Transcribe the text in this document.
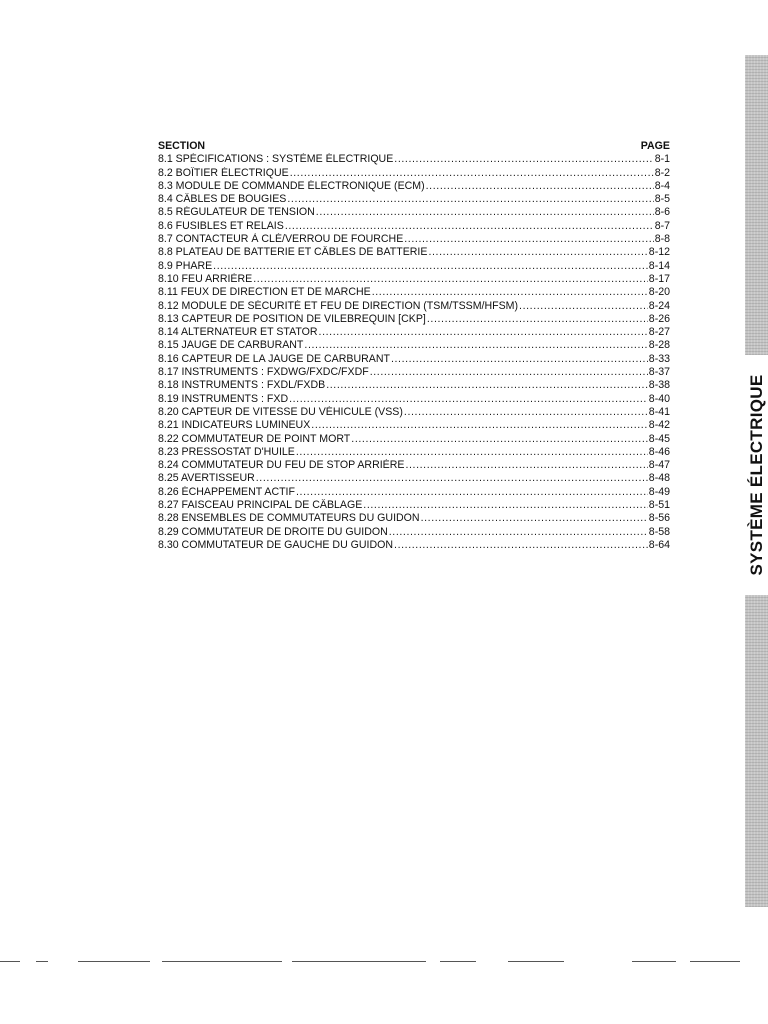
SECTION	PAGE
8.1 SPÉCIFICATIONS : SYSTÈME ÉLECTRIQUE .....	8-1
8.2 BOÎTIER ÉLECTRIQUE .....	8-2
8.3 MODULE DE COMMANDE ÉLECTRONIQUE (ECM) .....	8-4
8.4 CÂBLES DE BOUGIES .....	8-5
8.5 RÉGULATEUR DE TENSION .....	8-6
8.6 FUSIBLES ET RELAIS .....	8-7
8.7 CONTACTEUR À CLÉ/VERROU DE FOURCHE .....	8-8
8.8 PLATEAU DE BATTERIE ET CÂBLES DE BATTERIE .....	8-12
8.9 PHARE .....	8-14
8.10 FEU ARRIÈRE .....	8-17
8.11 FEUX DE DIRECTION ET DE MARCHE .....	8-20
8.12 MODULE DE SÉCURITÉ ET FEU DE DIRECTION (TSM/TSSM/HFSM) .....	8-24
8.13 CAPTEUR DE POSITION DE VILEBREQUIN [CKP] .....	8-26
8.14 ALTERNATEUR ET STATOR .....	8-27
8.15 JAUGE DE CARBURANT .....	8-28
8.16 CAPTEUR DE LA JAUGE DE CARBURANT .....	8-33
8.17 INSTRUMENTS : FXDWG/FXDC/FXDF .....	8-37
8.18 INSTRUMENTS : FXDL/FXDB .....	8-38
8.19 INSTRUMENTS : FXD .....	8-40
8.20 CAPTEUR DE VITESSE DU VÉHICULE (VSS) .....	8-41
8.21 INDICATEURS LUMINEUX .....	8-42
8.22 COMMUTATEUR DE POINT MORT .....	8-45
8.23 PRESSOSTAT D'HUILE .....	8-46
8.24 COMMUTATEUR DU FEU DE STOP ARRIÈRE .....	8-47
8.25 AVERTISSEUR .....	8-48
8.26 ÉCHAPPEMENT ACTIF .....	8-49
8.27 FAISCEAU PRINCIPAL DE CÂBLAGE .....	8-51
8.28 ENSEMBLES DE COMMUTATEURS DU GUIDON .....	8-56
8.29 COMMUTATEUR DE DROITE DU GUIDON .....	8-58
8.30 COMMUTATEUR DE GAUCHE DU GUIDON .....	8-64	SYSTÈME ÉLECTRIQUE
